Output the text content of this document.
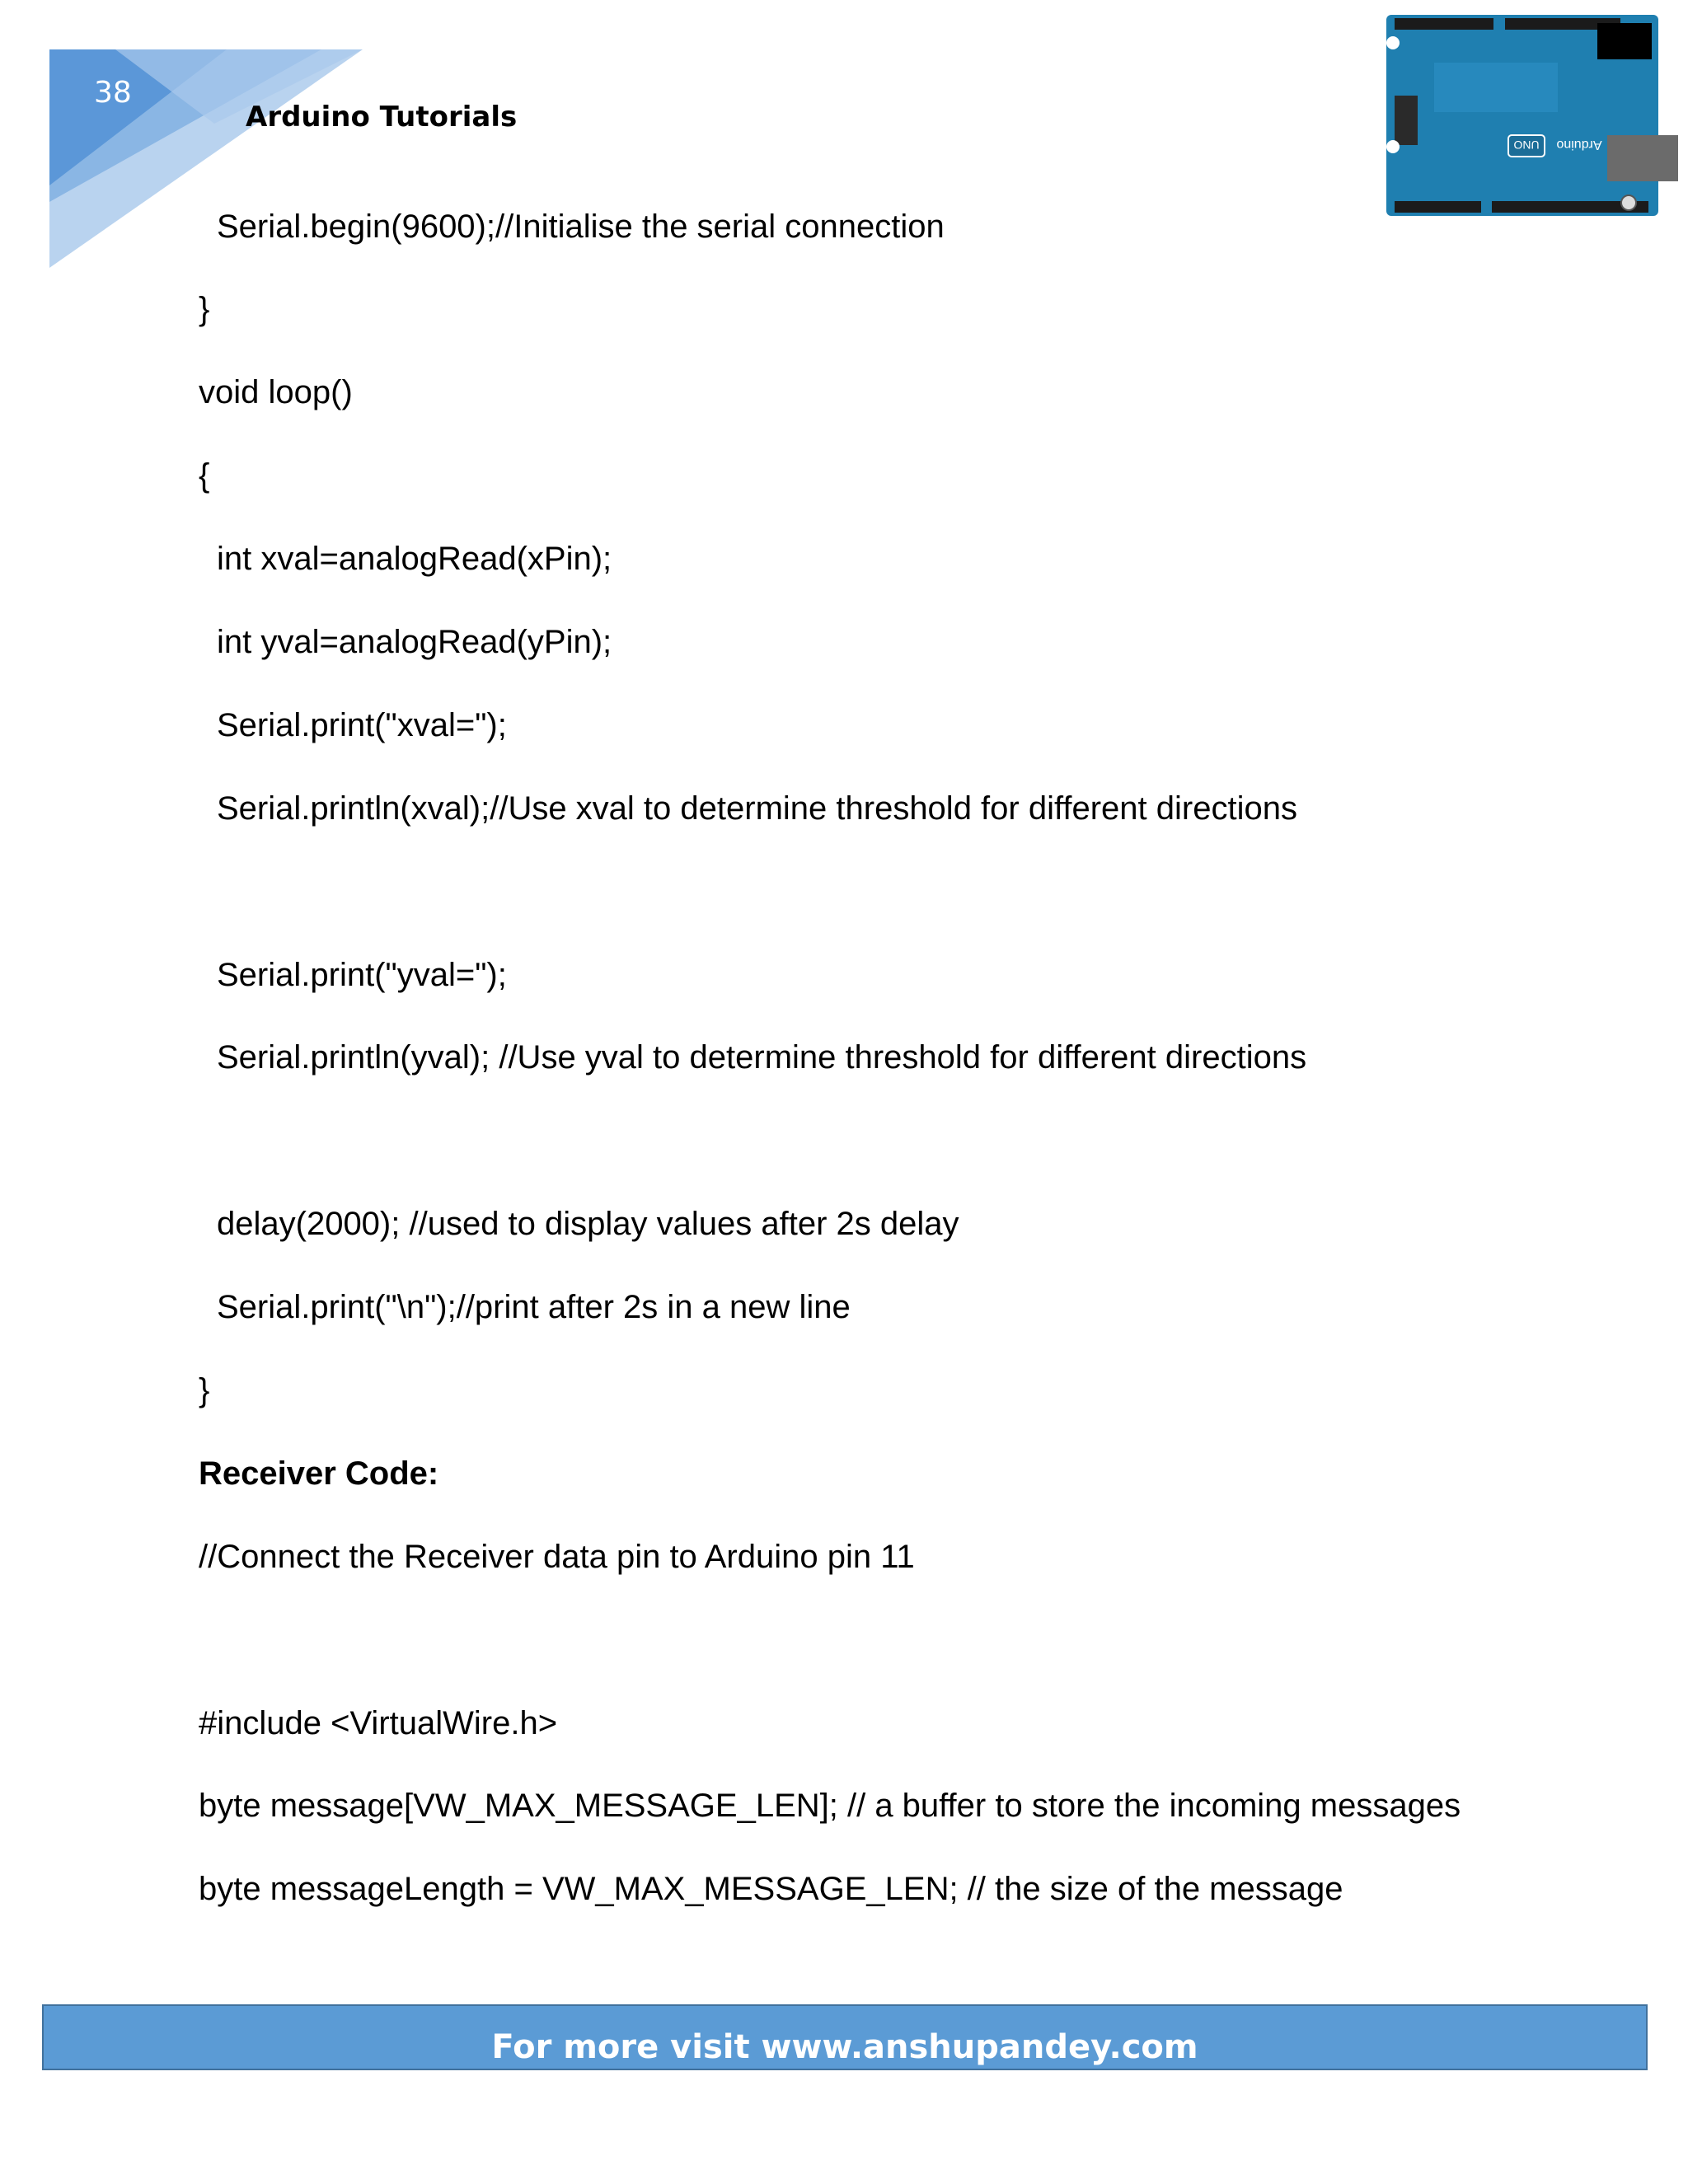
38
Arduino Tutorials
UNO Arduino
Serial.begin(9600);//Initialise the serial connection
}
void loop()
{
int xval=analogRead(xPin);
int yval=analogRead(yPin);
Serial.print("xval=");
Serial.println(xval);//Use xval to determine threshold for different directions
Serial.print("yval=");
Serial.println(yval); //Use yval to determine threshold for different directions
delay(2000); //used to display values after 2s delay
Serial.print("\n");//print after 2s in a new line
}
Receiver Code:
//Connect the Receiver data pin to Arduino pin 11
#include <VirtualWire.h>
byte message[VW_MAX_MESSAGE_LEN]; // a buffer to store the incoming messages
byte messageLength = VW_MAX_MESSAGE_LEN; // the size of the message
For more visit www.anshupandey.com
